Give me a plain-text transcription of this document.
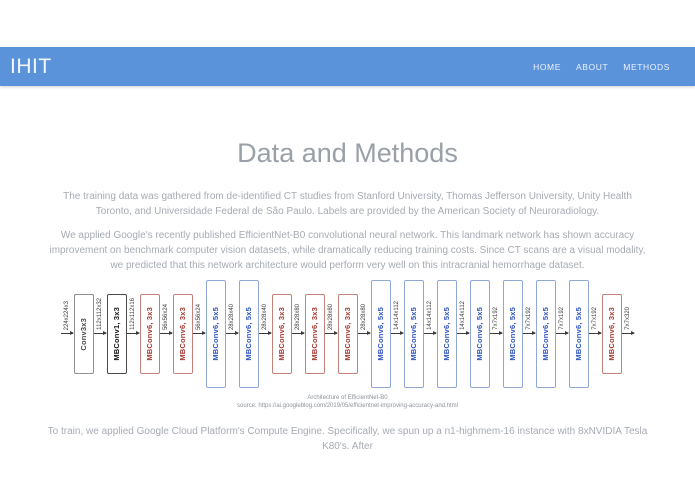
IHIT	HOME ABOUT METHODS
Data and Methods

The training data was gathered from de-identified CT studies from Stanford University, Thomas Jefferson University, Unity Health Toronto, and Universidade Federal de São Paulo. Labels are provided by the American Society of Neuroradiology.

We applied Google's recently published EfficientNet-B0 convolutional neural network. This landmark network has shown accuracy improvement on benchmark computer vision datasets, while dramatically reducing training costs. Since CT scans are a visual modality, we predicted that this network architecture would perform very well on this intracranial hemorrhage dataset.

224x224x3
Conv3x3
112x112x32 MBConv1, 3x3 112x112x16 MBConv6, 3x3 56x56x24 MBConv6, 3x3 56x56x24 MBConv6, 5x5 28x28x40 MBConv6, 5x5 28x28x40 MBConv6, 3x3 28x28x80 MBConv6, 3x3 28x28x80 MBConv6, 3x3 28x28x80 MBConv6, 5x5 14x14x112 MBConv6, 5x5 14x14x112 MBConv6, 5x5 14x14x112 MBConv6, 5x5 7x7x192 MBConv6, 5x5 7x7x192 MBConv6, 5x5 7x7x192 MBConv6, 5x5 7x7x192 MBConv6, 3x3 7x7x320
Architecture of EfficientNet-B0
source: https://ai.googleblog.com/2019/05/efficientnet-improving-accuracy-and.html

To train, we applied Google Cloud Platform's Compute Engine. Specifically, we spun up a n1-highmem-16 instance with 8xNVIDIA Tesla K80's. After
